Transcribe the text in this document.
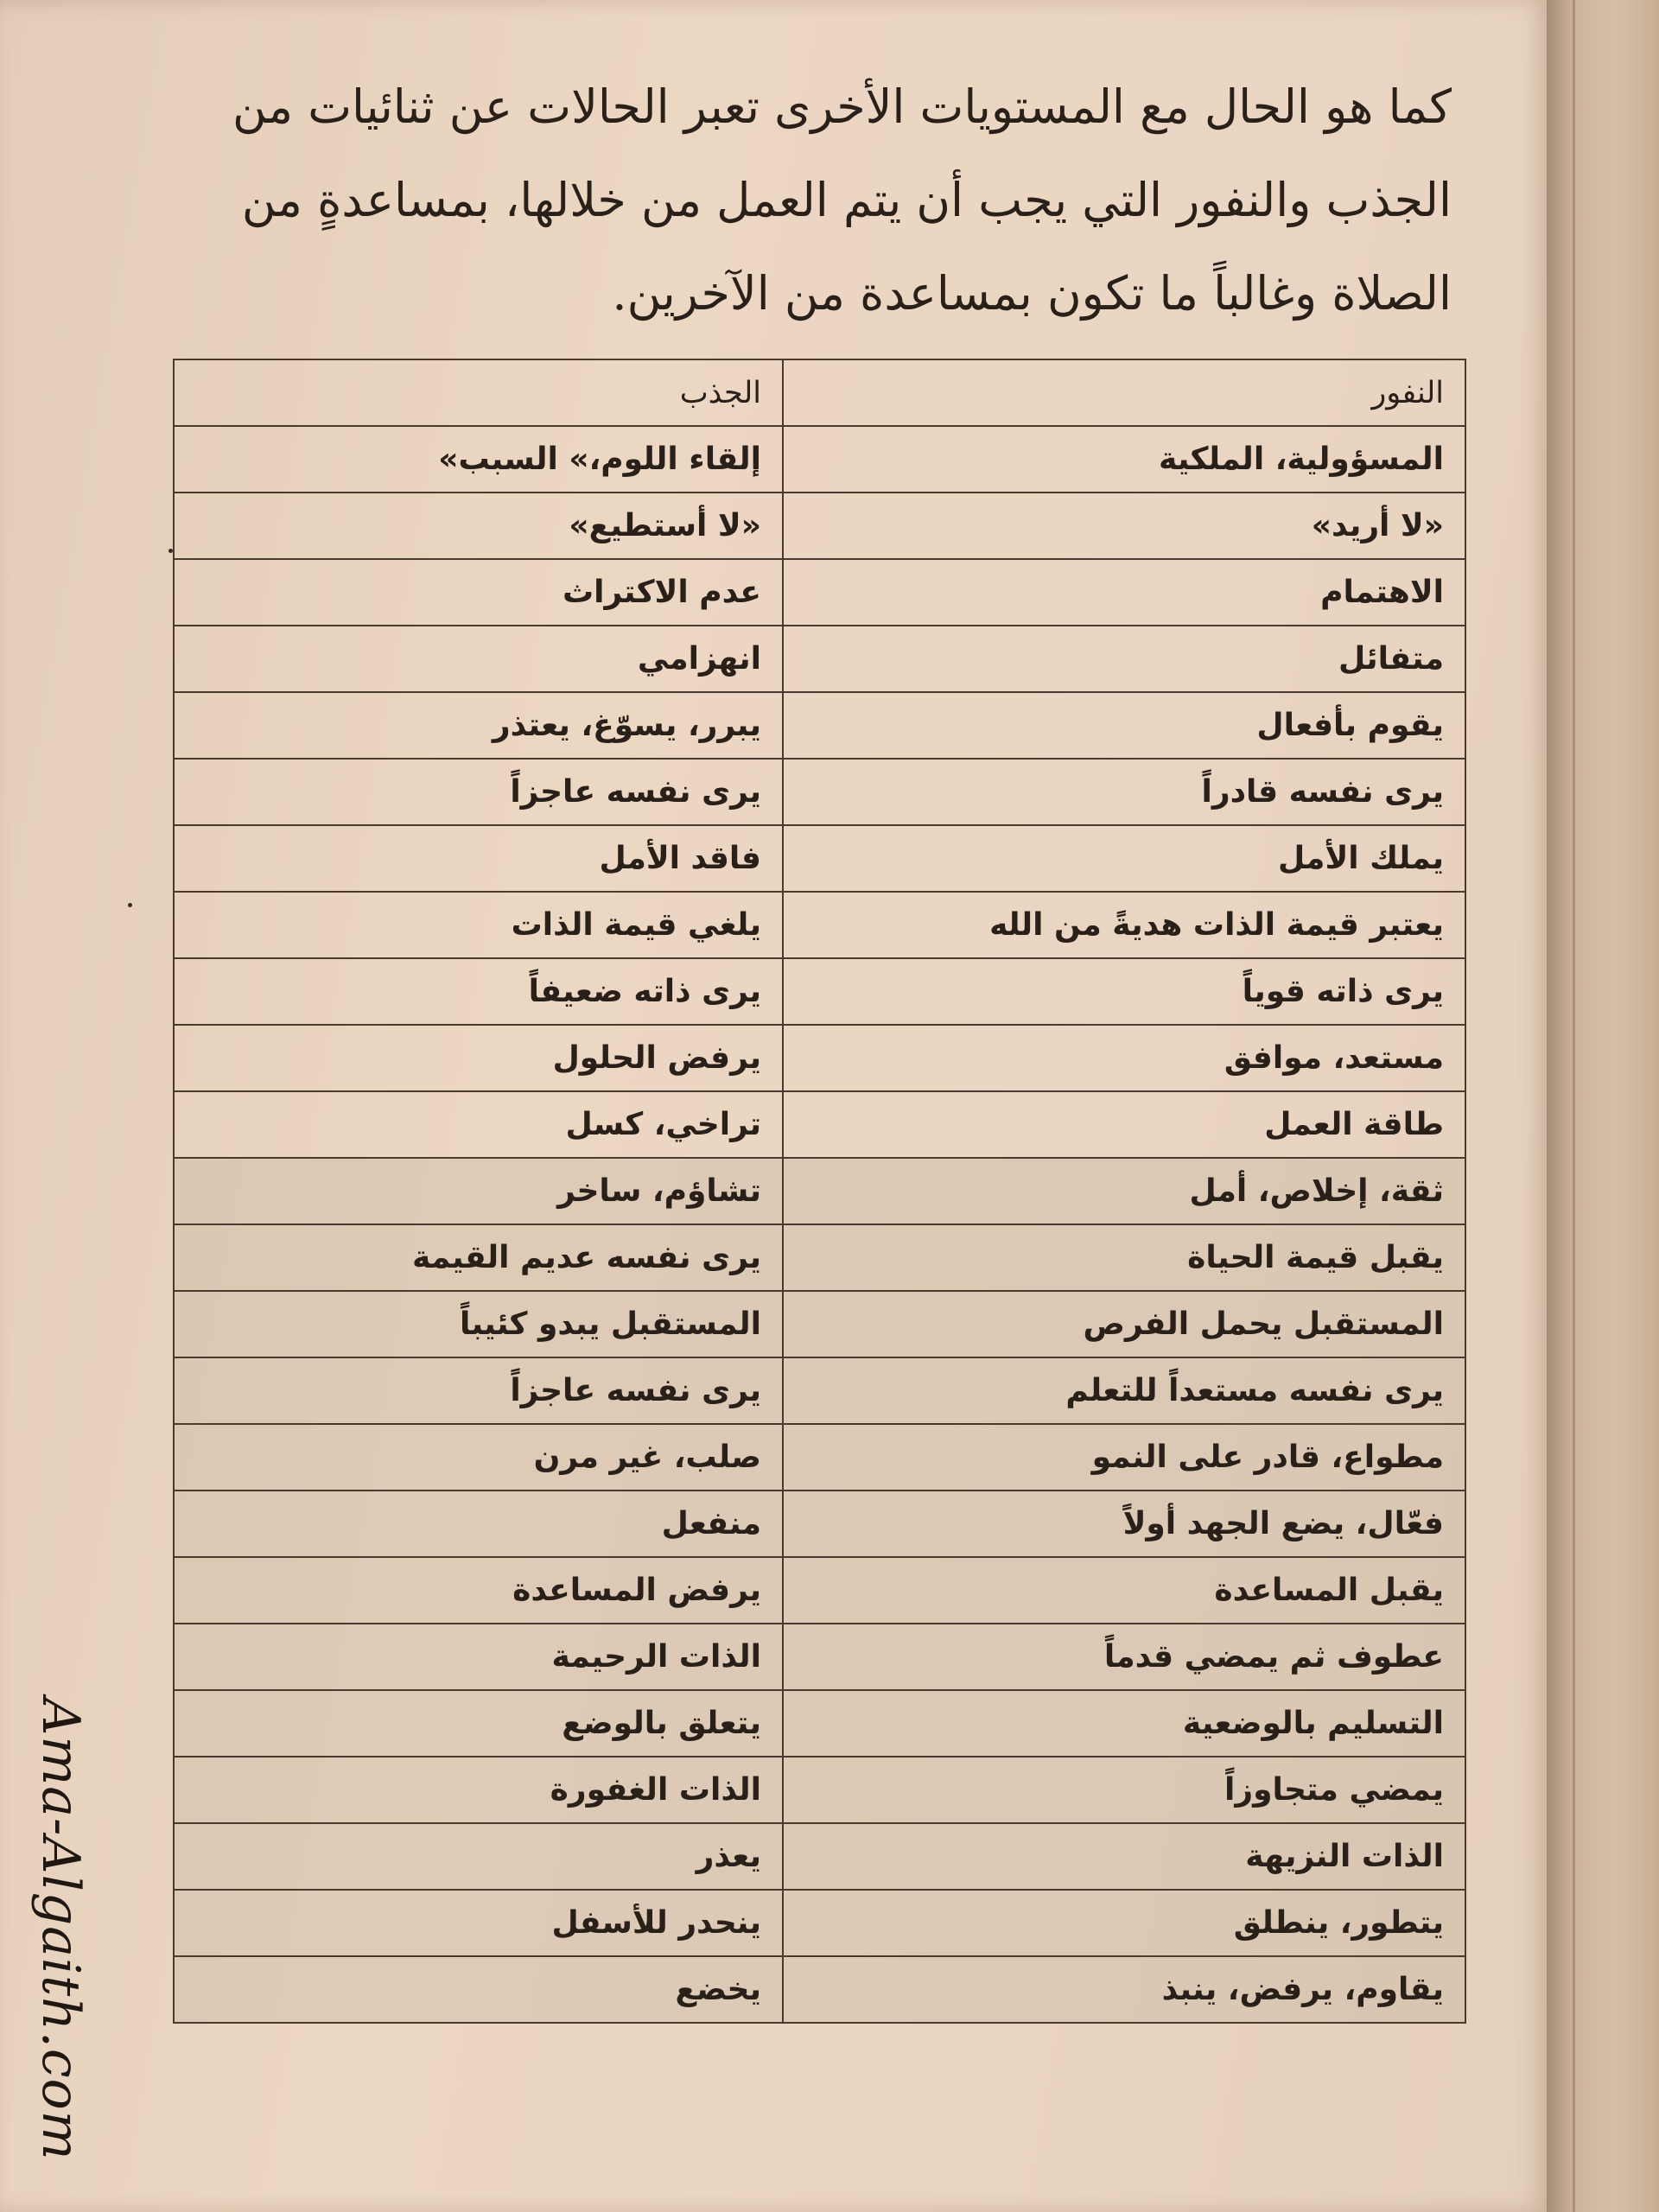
كما هو الحال مع المستويات الأخرى تعبر الحالات عن ثنائيات من الجذب والنفور التي يجب أن يتم العمل من خلالها، بمساعدةٍ من الصلاة وغالباً ما تكون بمساعدة من الآخرين.

النفور	الجذب
المسؤولية، الملكية	إلقاء اللوم،» السبب»
«لا أريد»	«لا أستطيع»
الاهتمام	عدم الاكتراث
متفائل	انهزامي
يقوم بأفعال	يبرر، يسوّغ، يعتذر
يرى نفسه قادراً	يرى نفسه عاجزاً
يملك الأمل	فاقد الأمل
يعتبر قيمة الذات هديةً من الله	يلغي قيمة الذات
يرى ذاته قوياً	يرى ذاته ضعيفاً
مستعد، موافق	يرفض الحلول
طاقة العمل	تراخي، كسل
ثقة، إخلاص، أمل	تشاؤم، ساخر
يقبل قيمة الحياة	يرى نفسه عديم القيمة
المستقبل يحمل الفرص	المستقبل يبدو كئيباً
يرى نفسه مستعداً للتعلم	يرى نفسه عاجزاً
مطواع، قادر على النمو	صلب، غير مرن
فعّال، يضع الجهد أولاً	منفعل
يقبل المساعدة	يرفض المساعدة
عطوف ثم يمضي قدماً	الذات الرحيمة
التسليم بالوضعية	يتعلق بالوضع
يمضي متجاوزاً	الذات الغفورة
الذات النزيهة	يعذر
يتطور، ينطلق	ينحدر للأسفل
يقاوم، يرفض، ينبذ	يخضع
Ama-Algaith.com
